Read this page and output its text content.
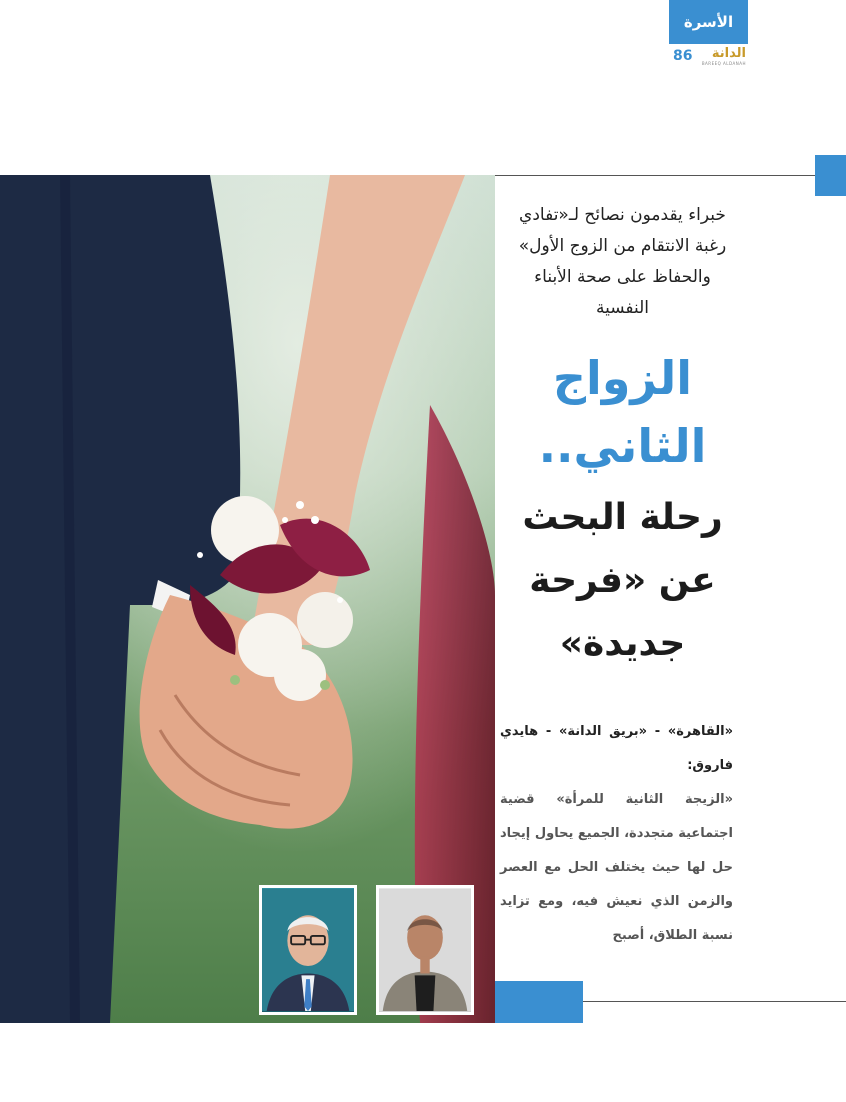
الأسرة
86 الدانة
BAREEQ ALDANAH

خبراء يقدمون نصائح لـ«تفادي رغبة الانتقام من الزوج الأول» والحفاظ على صحة الأبناء النفسية

الزواج
الثاني..
رحلة البحث
عن «فرحة
جديدة»

«القاهرة» - «بريق الدانة» - هايدي فاروق:

«الزيجة الثانية للمرأة» قضية اجتماعية متجددة، الجميع يحاول إيجاد حل لها حيث يختلف الحل مع العصر والزمن الذي نعيش فيه، ومع تزايد نسبة الطلاق، أصبح
